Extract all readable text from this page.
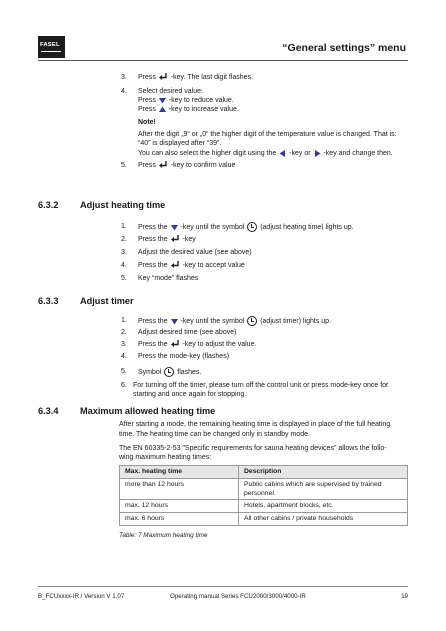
FASEL	“General settings” menu
3. Press  -key. The last digit flashes.
4. Select desired value:
Press  -key to reduce value.
Press  -key to increase value.
Note!
After the digit „9“ or „0“ the higher digit of the temperature value is changed. That is:
“40” is displayed after “39”.
You can also select the higher digit using the  -key or  -key and change then.
5. Press  -key to confirm value
6.3.2 Adjust heating time
1. Press the -key until the symbol (adjust heating time) lights up.
2. Press the -key
3. Adjust the desired value (see above)
4. Press the -key to accept value
5. Key “mode” flashes
6.3.3 Adjust timer
1. Press the -key until the symbol (adjust timer) lights up.
2. Adjust desired time (see above)
3. Press the -key to adjust the value.
4. Press the mode-key (flashes)
5. Symbol flashes.
6. For turning off the timer, please turn off the control unit or press mode-key once for
starting and once again for stopping.
6.3.4 Maximum allowed heating time
After starting a mode, the remaining heating time is displayed in place of the full heating
time. The heating time can be changed only in standby mode.
The EN 60335-2-53 "Specific requirements for sauna heating devices" allows the follo-
wing maximum heating times:
Max. heating time	Description
more than 12 hours	Public cabins which are supervised by trained personnel.
max. 12 hours	Hotels, apartment blocks, etc.
max. 6 hours	All other cabins / private households
Table: 7 Maximum heating time
B_FCUxxxx-IR / Version V 1.07	Operating manual Series FCU2000/3000/4000-IR	19
